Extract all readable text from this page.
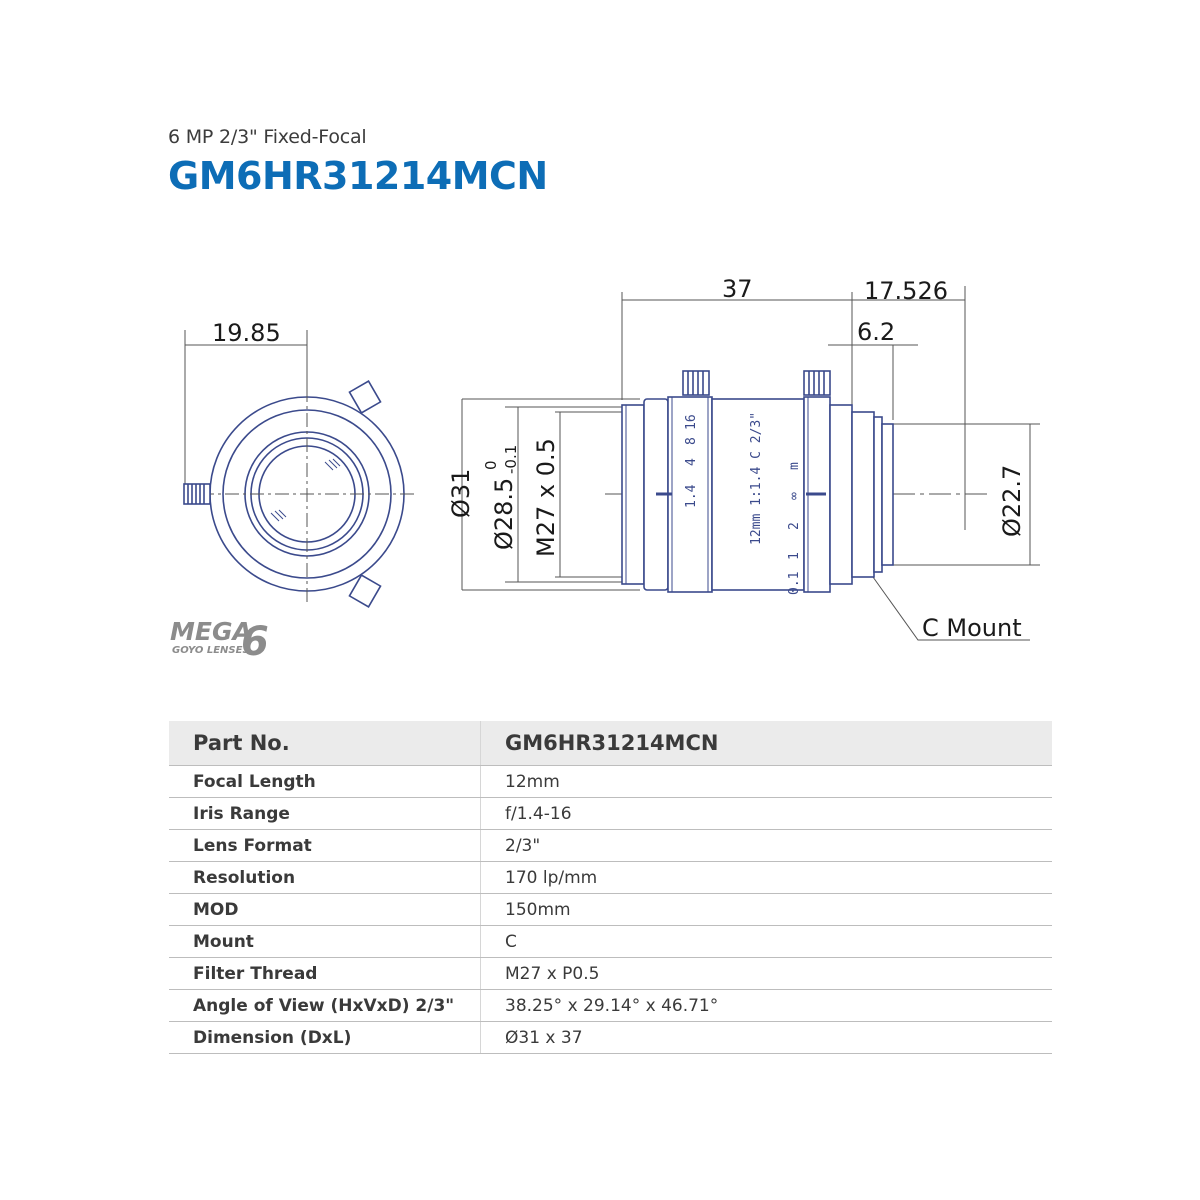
6 MP 2/3" Fixed-Focal
GM6HR31214MCN
19.85
1.4
4
8
16	12mm 1:1.4 C 2/3" m
∞
2
1
0.1
37	17.526
6.2
Ø31 Ø28.5
0 -0.1 M27 x 0.5	Ø22.7
C Mount
MEGA
6
GOYO LENSES
Part No.	GM6HR31214MCN
Focal Length	12mm
Iris Range	f/1.4-16
Lens Format	2/3"
Resolution	170 lp/mm
MOD	150mm
Mount	C
Filter Thread	M27 x P0.5
Angle of View (HxVxD) 2/3"	38.25° x 29.14° x 46.71°
Dimension (DxL)	Ø31 x 37
